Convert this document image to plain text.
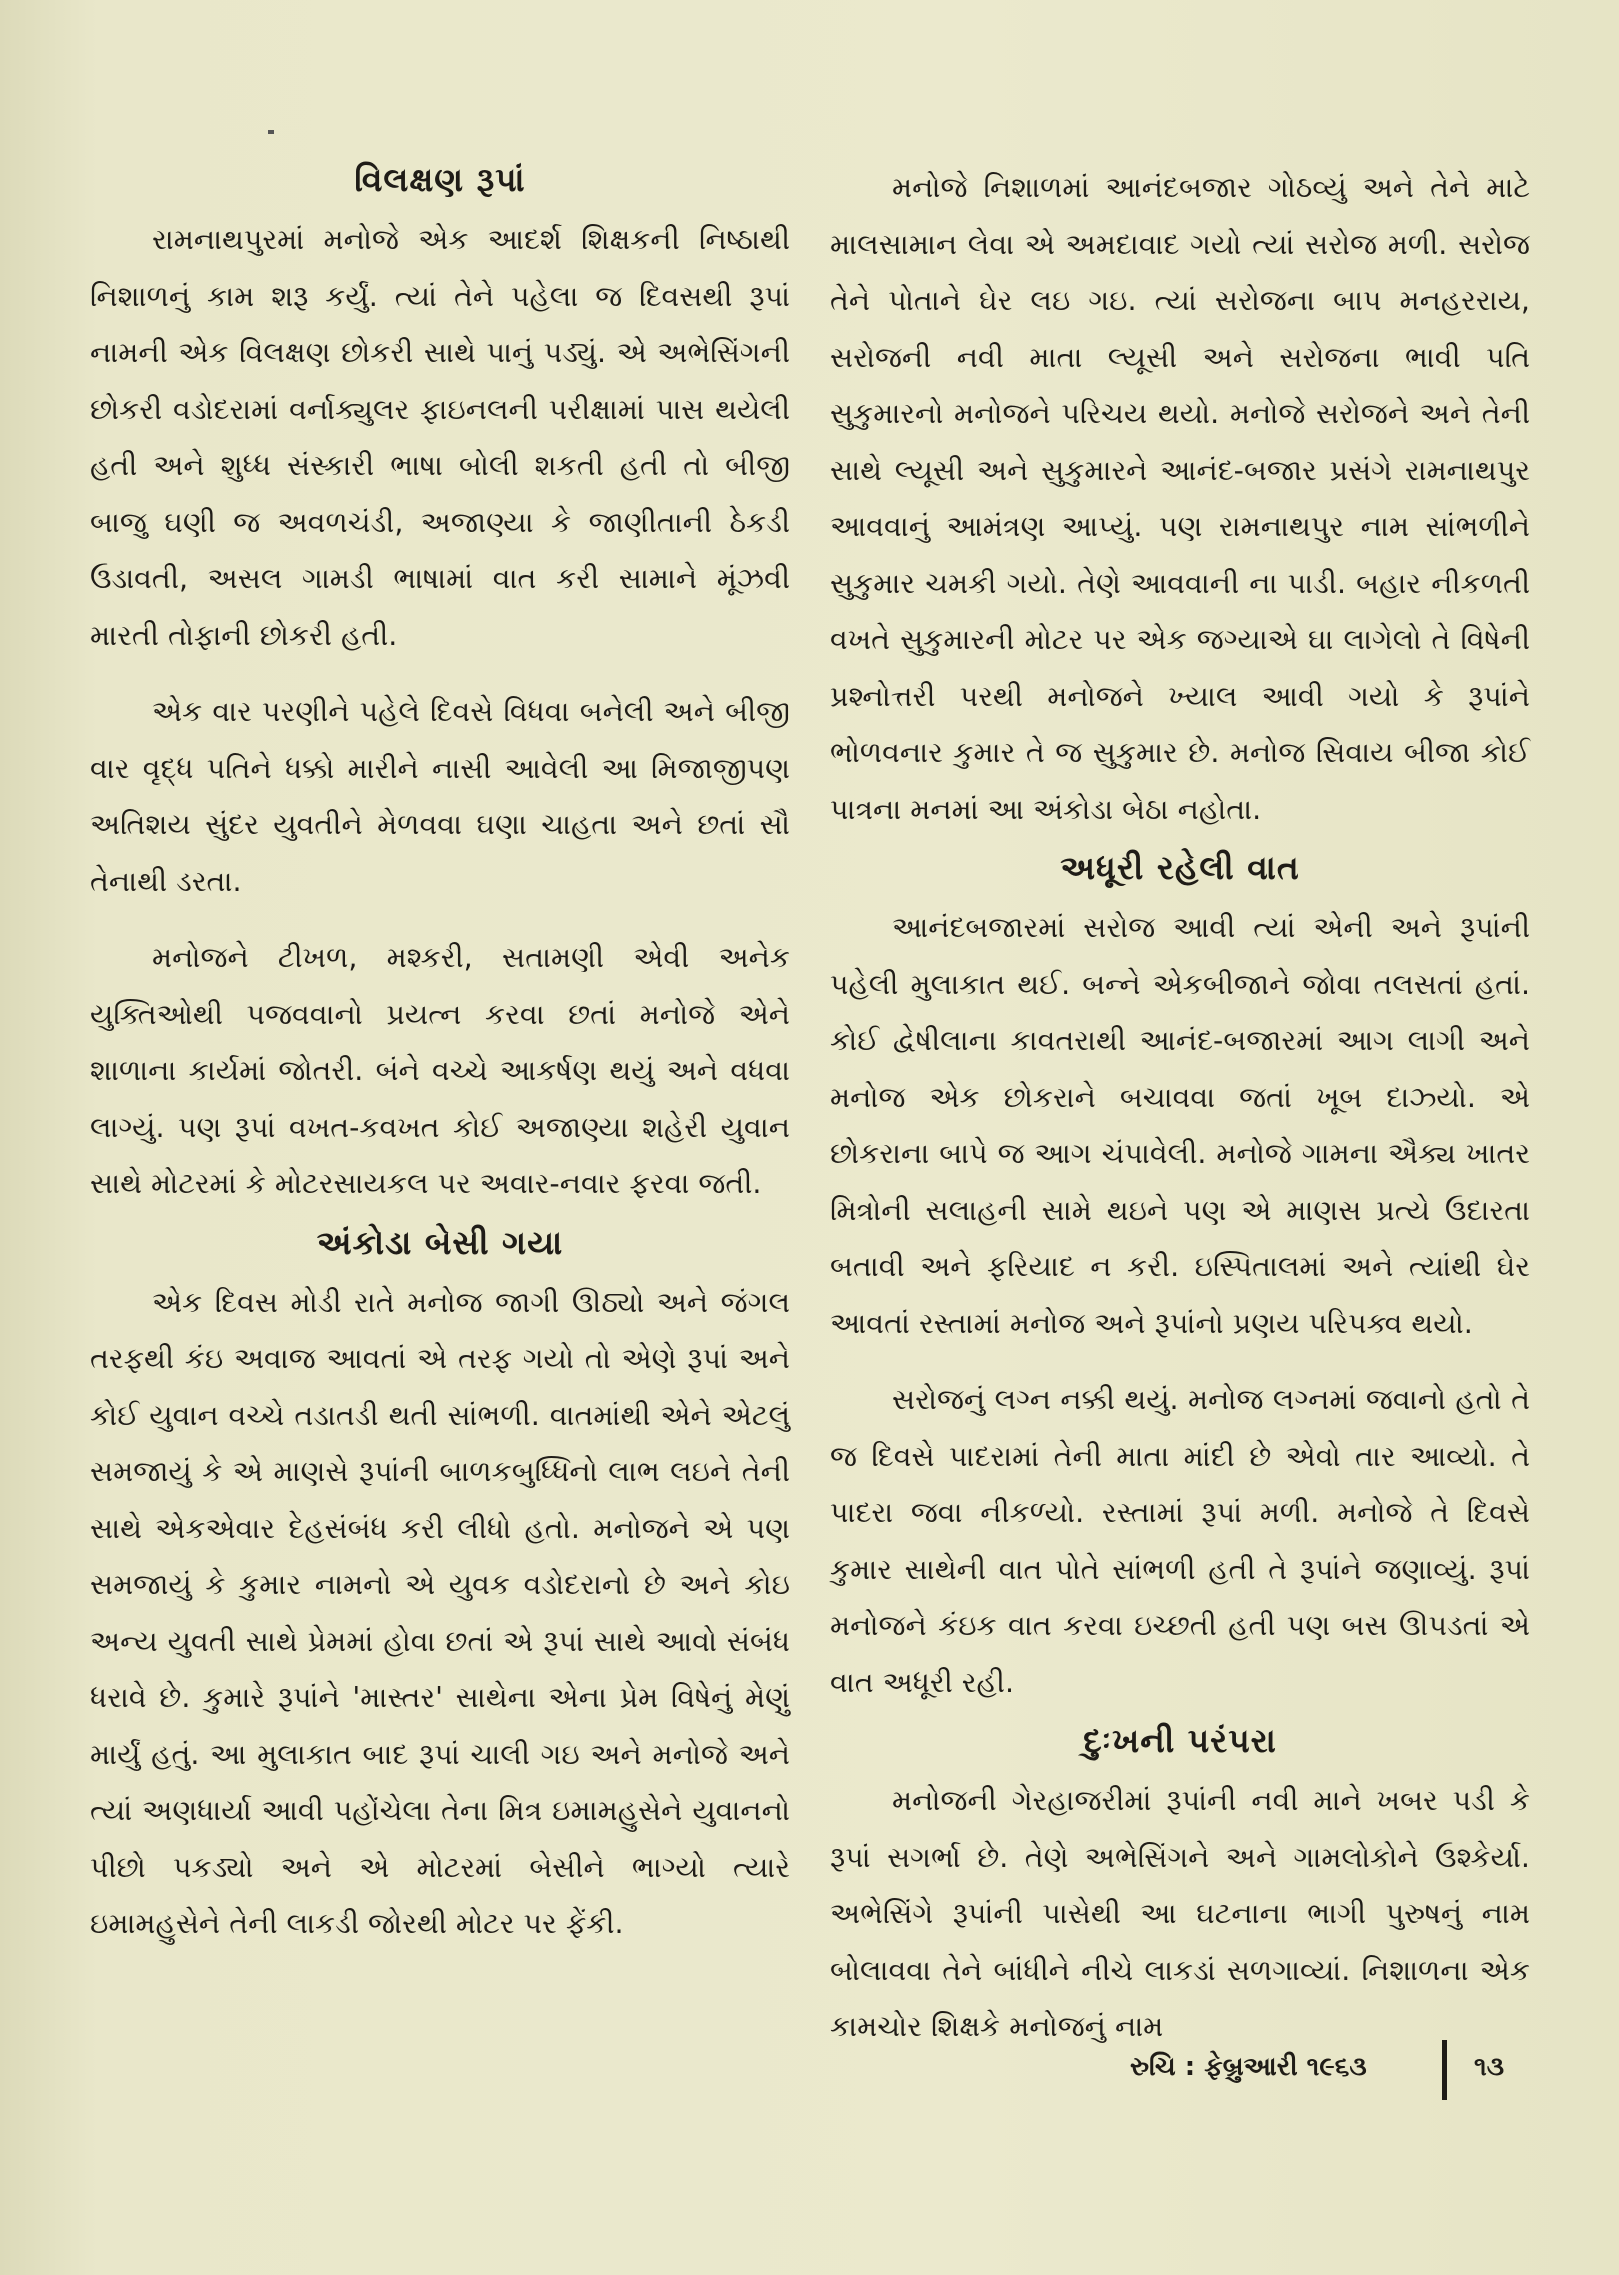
વિલક્ષણ રૂપાં

રામનાથપુરમાં મનોજે એક આદર્શ શિક્ષકની નિષ્ઠાથી નિશાળનું કામ શરૂ કર્યું. ત્યાં તેને પહેલા જ દિવસથી રૂપાં નામની એક વિલક્ષણ છોકરી સાથે પાનું પડ્યું. એ અભેસિંગની છોકરી વડોદરામાં વર્નાક્યુલર ફાઇનલની પરીક્ષામાં પાસ થયેલી હતી અને શુધ્ધ સંસ્કારી ભાષા બોલી શકતી હતી તો બીજી બાજુ ઘણી જ અવળચંડી, અજાણ્યા કે જાણીતાની ઠેકડી ઉડાવતી, અસલ ગામડી ભાષામાં વાત કરી સામાને મૂંઝવી મારતી તોફાની છોકરી હતી.

એક વાર પરણીને પહેલે દિવસે વિધવા બનેલી અને બીજી વાર વૃદ્ધ પતિને ધક્કો મારીને નાસી આવેલી આ મિજાજીપણ અતિશય સુંદર યુવતીને મેળવવા ઘણા ચાહતા અને છતાં સૌ તેનાથી ડરતા.

મનોજને ટીખળ, મશ્કરી, સતામણી એવી અનેક યુક્તિઓથી પજવવાનો પ્રયત્ન કરવા છતાં મનોજે એને શાળાના કાર્યમાં જોતરી. બંને વચ્ચે આકર્ષણ થયું અને વધવા લાગ્યું. પણ રૂપાં વખત-કવખત કોઈ અજાણ્યા શહેરી યુવાન સાથે મોટરમાં કે મોટરસાયકલ પર અવાર-નવાર ફરવા જતી.

અંકોડા બેસી ગયા

એક દિવસ મોડી રાતે મનોજ જાગી ઊઠ્યો અને જંગલ તરફથી કંઇ અવાજ આવતાં એ તરફ ગયો તો એણે રૂપાં અને કોઈ યુવાન વચ્ચે તડાતડી થતી સાંભળી. વાતમાંથી એને એટલું સમજાયું કે એ માણસે રૂપાંની બાળકબુધ્ધિનો લાભ લઇને તેની સાથે એકએવાર દેહસંબંધ કરી લીધો હતો. મનોજને એ પણ સમજાયું કે કુમાર નામનો એ યુવક વડોદરાનો છે અને કોઇ અન્ય યુવતી સાથે પ્રેમમાં હોવા છતાં એ રૂપાં સાથે આવો સંબંધ ધરાવે છે. કુમારે રૂપાંને 'માસ્તર' સાથેના એના પ્રેમ વિષેનું મેણું માર્યું હતું. આ મુલાકાત બાદ રૂપાં ચાલી ગઇ અને મનોજે અને ત્યાં અણધાર્યા આવી પહોંચેલા તેના મિત્ર ઇમામહુસેને યુવાનનો પીછો પકડ્યો અને એ મોટરમાં બેસીને ભાગ્યો ત્યારે ઇમામહુસેને તેની લાકડી જોરથી મોટર પર ફેંકી.

મનોજે નિશાળમાં આનંદબજાર ગોઠવ્યું અને તેને માટે માલસામાન લેવા એ અમદાવાદ ગયો ત્યાં સરોજ મળી. સરોજ તેને પોતાને ઘેર લઇ ગઇ. ત્યાં સરોજના બાપ મનહરરાય, સરોજની નવી માતા લ્યૂસી અને સરોજના ભાવી પતિ સુકુમારનો મનોજને પરિચય થયો. મનોજે સરોજને અને તેની સાથે લ્યૂસી અને સુકુમારને આનંદ-બજાર પ્રસંગે રામનાથપુર આવવાનું આમંત્રણ આપ્યું. પણ રામનાથપુર નામ સાંભળીને સુકુમાર ચમકી ગયો. તેણે આવવાની ના પાડી. બહાર નીકળતી વખતે સુકુમારની મોટર પર એક જગ્યાએ ઘા લાગેલો તે વિષેની પ્રશ્નોત્તરી પરથી મનોજને ખ્યાલ આવી ગયો કે રૂપાંને ભોળવનાર કુમાર તે જ સુકુમાર છે. મનોજ સિવાય બીજા કોઈ પાત્રના મનમાં આ અંકોડા બેઠા નહોતા.

અધૂરી રહેલી વાત

આનંદબજારમાં સરોજ આવી ત્યાં એની અને રૂપાંની પહેલી મુલાકાત થઈ. બન્ને એકબીજાને જોવા તલસતાં હતાં. કોઈ દ્વેષીલાના કાવતરાથી આનંદ-બજારમાં આગ લાગી અને મનોજ એક છોકરાને બચાવવા જતાં ખૂબ દાઝ્યો. એ છોકરાના બાપે જ આગ ચંપાવેલી. મનોજે ગામના ઐક્ય ખાતર મિત્રોની સલાહની સામે થઇને પણ એ માણસ પ્રત્યે ઉદારતા બતાવી અને ફરિયાદ ન કરી. ઇસ્પિતાલમાં અને ત્યાંથી ઘેર આવતાં રસ્તામાં મનોજ અને રૂપાંનો પ્રણય પરિપક્વ થયો.

સરોજનું લગ્ન નક્કી થયું. મનોજ લગ્નમાં જવાનો હતો તે જ દિવસે પાદરામાં તેની માતા માંદી છે એવો તાર આવ્યો. તે પાદરા જવા નીકળ્યો. રસ્તામાં રૂપાં મળી. મનોજે તે દિવસે કુમાર સાથેની વાત પોતે સાંભળી હતી તે રૂપાંને જણાવ્યું. રૂપાં મનોજને કંઇક વાત કરવા ઇચ્છતી હતી પણ બસ ઊપડતાં એ વાત અધૂરી રહી.

દુઃખની પરંપરા

મનોજની ગેરહાજરીમાં રૂપાંની નવી માને ખબર પડી કે રૂપાં સગર્ભા છે. તેણે અભેસિંગને અને ગામલોકોને ઉશ્કેર્યા. અભેસિંગે રૂપાંની પાસેથી આ ઘટનાના ભાગી પુરુષનું નામ બોલાવવા તેને બાંધીને નીચે લાકડાં સળગાવ્યાં. નિશાળના એક કામચોર શિક્ષકે મનોજનું નામ

રુચિ : ફેબ્રુઆરી ૧૯૬૩	૧૩
